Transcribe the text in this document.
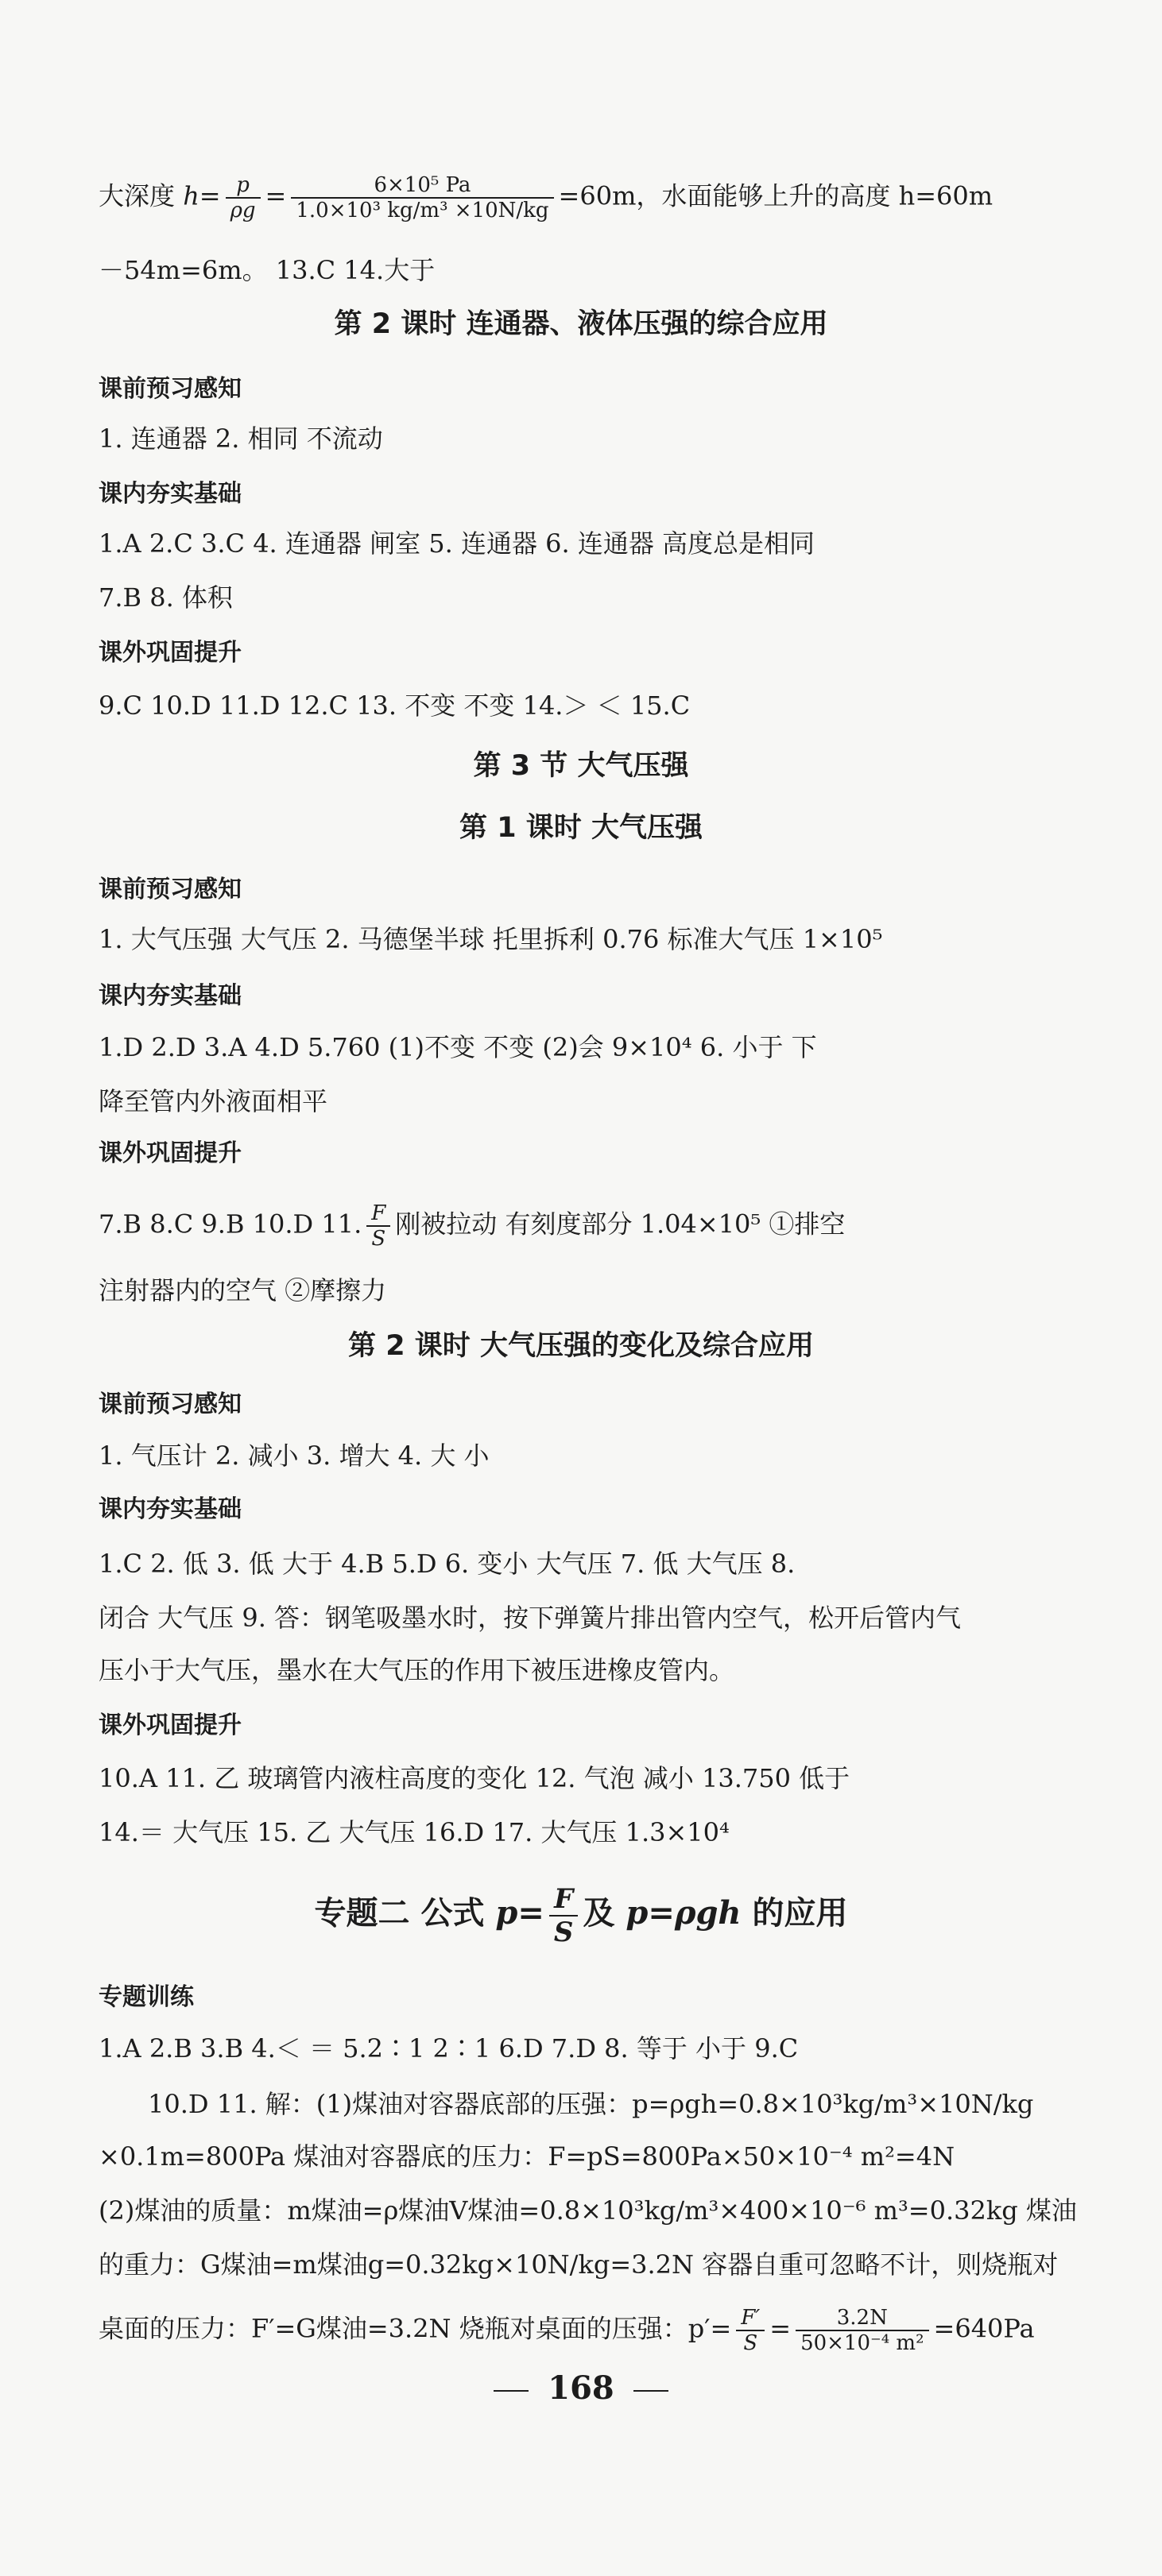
大深度 $h= \frac{p}{\rho g} = \frac{\text{6×10⁵ Pa}}{\text{1.0×10³ kg/m³ ×10N/kg}} =60m$，水面能够上升的高度 h=60m
－54m=6m。 13.C 14.大于
第 2 课时 连通器、液体压强的综合应用
课前预习感知
1. 连通器 2. 相同 不流动
课内夯实基础
1.A 2.C 3.C 4. 连通器 闸室 5. 连通器 6. 连通器 高度总是相同
7.B 8. 体积
课外巩固提升
9.C 10.D 11.D 12.C 13. 不变 不变 14.＞ ＜ 15.C
第 3 节 大气压强
第 1 课时 大气压强
课前预习感知
1. 大气压强 大气压 2. 马德堡半球 托里拆利 0.76 标准大气压 1×10⁵
课内夯实基础
1.D 2.D 3.A 4.D 5.760 (1)不变 不变 (2)会 9×10⁴ 6. 小于 下
降至管内外液面相平
课外巩固提升
7.B 8.C 9.B 10.D 11. $\frac{F}{S}$ 刚被拉动 有刻度部分 1.04×10⁵ ①排空
注射器内的空气 ②摩擦力
第 2 课时 大气压强的变化及综合应用
课前预习感知
1. 气压计 2. 减小 3. 增大 4. 大 小
课内夯实基础
1.C 2. 低 3. 低 大于 4.B 5.D 6. 变小 大气压 7. 低 大气压 8.
闭合 大气压 9. 答：钢笔吸墨水时，按下弹簧片排出管内空气，松开后管内气
压小于大气压，墨水在大气压的作用下被压进橡皮管内。
课外巩固提升
10.A 11. 乙 玻璃管内液柱高度的变化 12. 气泡 减小 13.750 低于
14.＝ 大气压 15. 乙 大气压 16.D 17. 大气压 1.3×10⁴
专题二 公式 $p= \frac{F}{S}$ 及 p=ρgh 的应用
专题训练
1.A 2.B 3.B 4.＜ ＝ 5.2∶1 2∶1 6.D 7.D 8. 等于 小于 9.C
10.D 11. 解：(1)煤油对容器底部的压强：p=ρgh=0.8×10³kg/m³×10N/kg
×0.1m=800Pa 煤油对容器底的压力：F=pS=800Pa×50×10⁻⁴ m²=4N
(2)煤油的质量：m煤油=ρ煤油V煤油=0.8×10³kg/m³×400×10⁻⁶ m³=0.32kg 煤油
的重力：G煤油=m煤油g=0.32kg×10N/kg=3.2N 容器自重可忽略不计，则烧瓶对
桌面的压力：F′=G煤油=3.2N 烧瓶对桌面的压强：$p'= \frac{F'}{S} = \frac{3.2N}{\text{50×10⁻⁴ m²}} =640Pa$
168
